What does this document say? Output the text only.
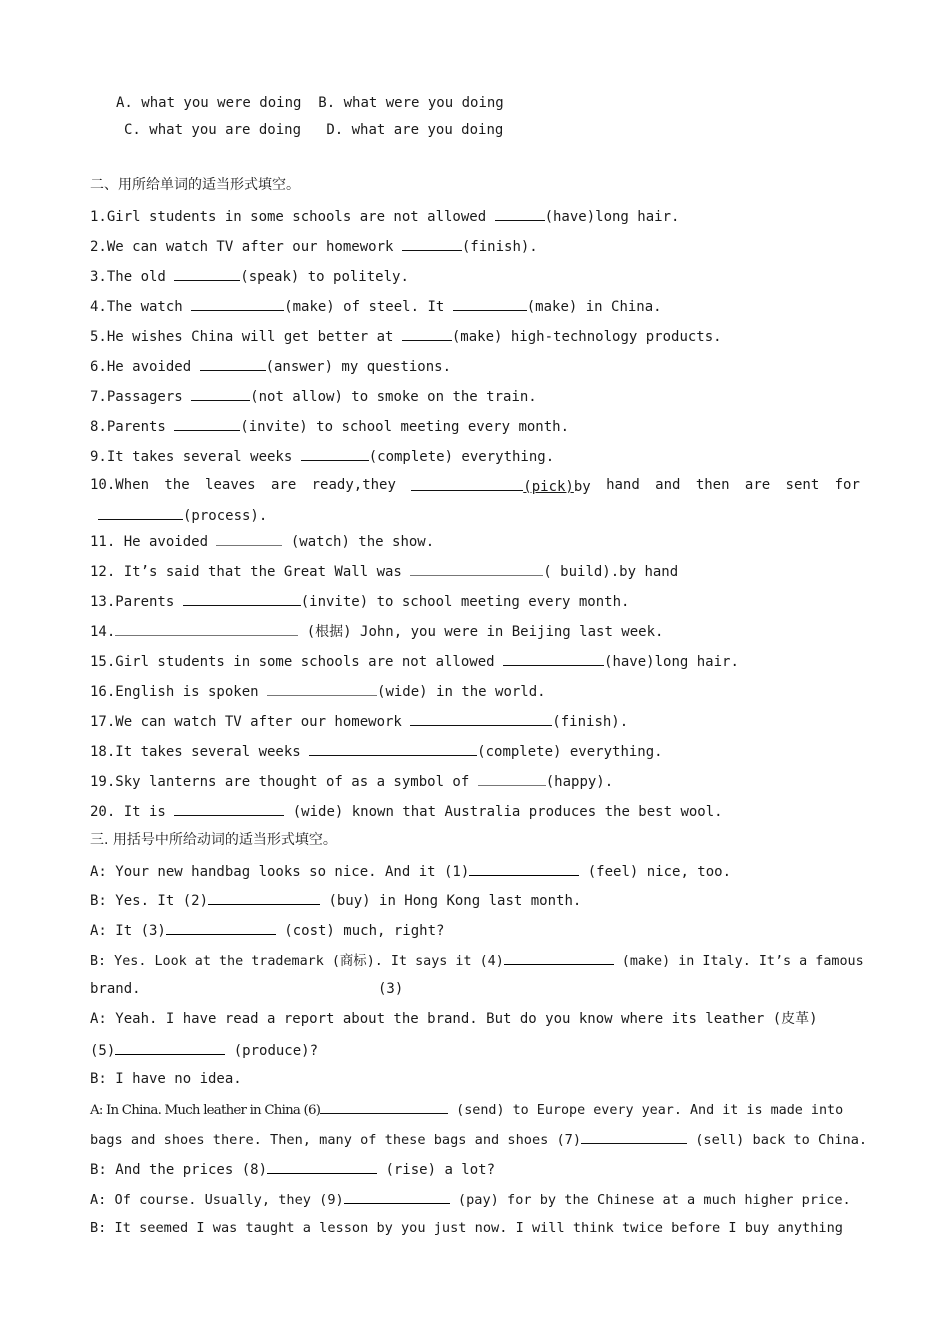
A. what you were doing B. what were you doing
C. what you are doing D. what are you doing
二、用所给单词的适当形式填空。
1.Girl students in some schools are not allowed	(have)long hair.
2.We can watch TV after our homework	(finish).
3.The old	(speak) to politely.
4.The watch	(make) of steel. It	(make) in China.
5.He wishes China will get better at	(make) high-technology products.
6.He avoided	(answer) my questions.
7.Passagers	(not allow) to smoke on the train.
8.Parents	(invite) to school meeting every month.
9.It takes several weeks	(complete) everything.
10.When the leaves are ready,they	(pick)by hand and then are sent for
(process).
11. He avoided	(watch) the show.
12. It’s said that the Great Wall was	( build).by hand
13.Parents	(invite) to school meeting every month.
14.	(根据) John, you were in Beijing last week.
15.Girl students in some schools are not allowed	(have)long hair.
16.English is spoken	(wide) in the world.
17.We can watch TV after our homework	(finish).
18.It takes several weeks	(complete) everything.
19.Sky lanterns are thought of as a symbol of	(happy).
20. It is	(wide) known that Australia produces the best wool.
三. 用括号中所给动词的适当形式填空。
A: Your new handbag looks so nice. And it (1)	(feel) nice, too.
B: Yes. It (2)	(buy) in Hong Kong last month.
A: It (3)	(cost) much, right?
B: Yes. Look at the trademark (商标). It says it (4)	(make) in Italy. It’s a famous
brand.	(3)
A: Yeah. I have read a report about the brand. But do you know where its leather (皮革)
(5)	(produce)?
B: I have no idea.
A: In China. Much leather in China (6)	(send) to Europe every year. And it is made into
bags and shoes there. Then, many of these bags and shoes (7)	(sell) back to China.
B: And the prices (8)	(rise) a lot?
A: Of course. Usually, they (9)	(pay) for by the Chinese at a much higher price.
B: It seemed I was taught a lesson by you just now. I will think twice before I buy anything
